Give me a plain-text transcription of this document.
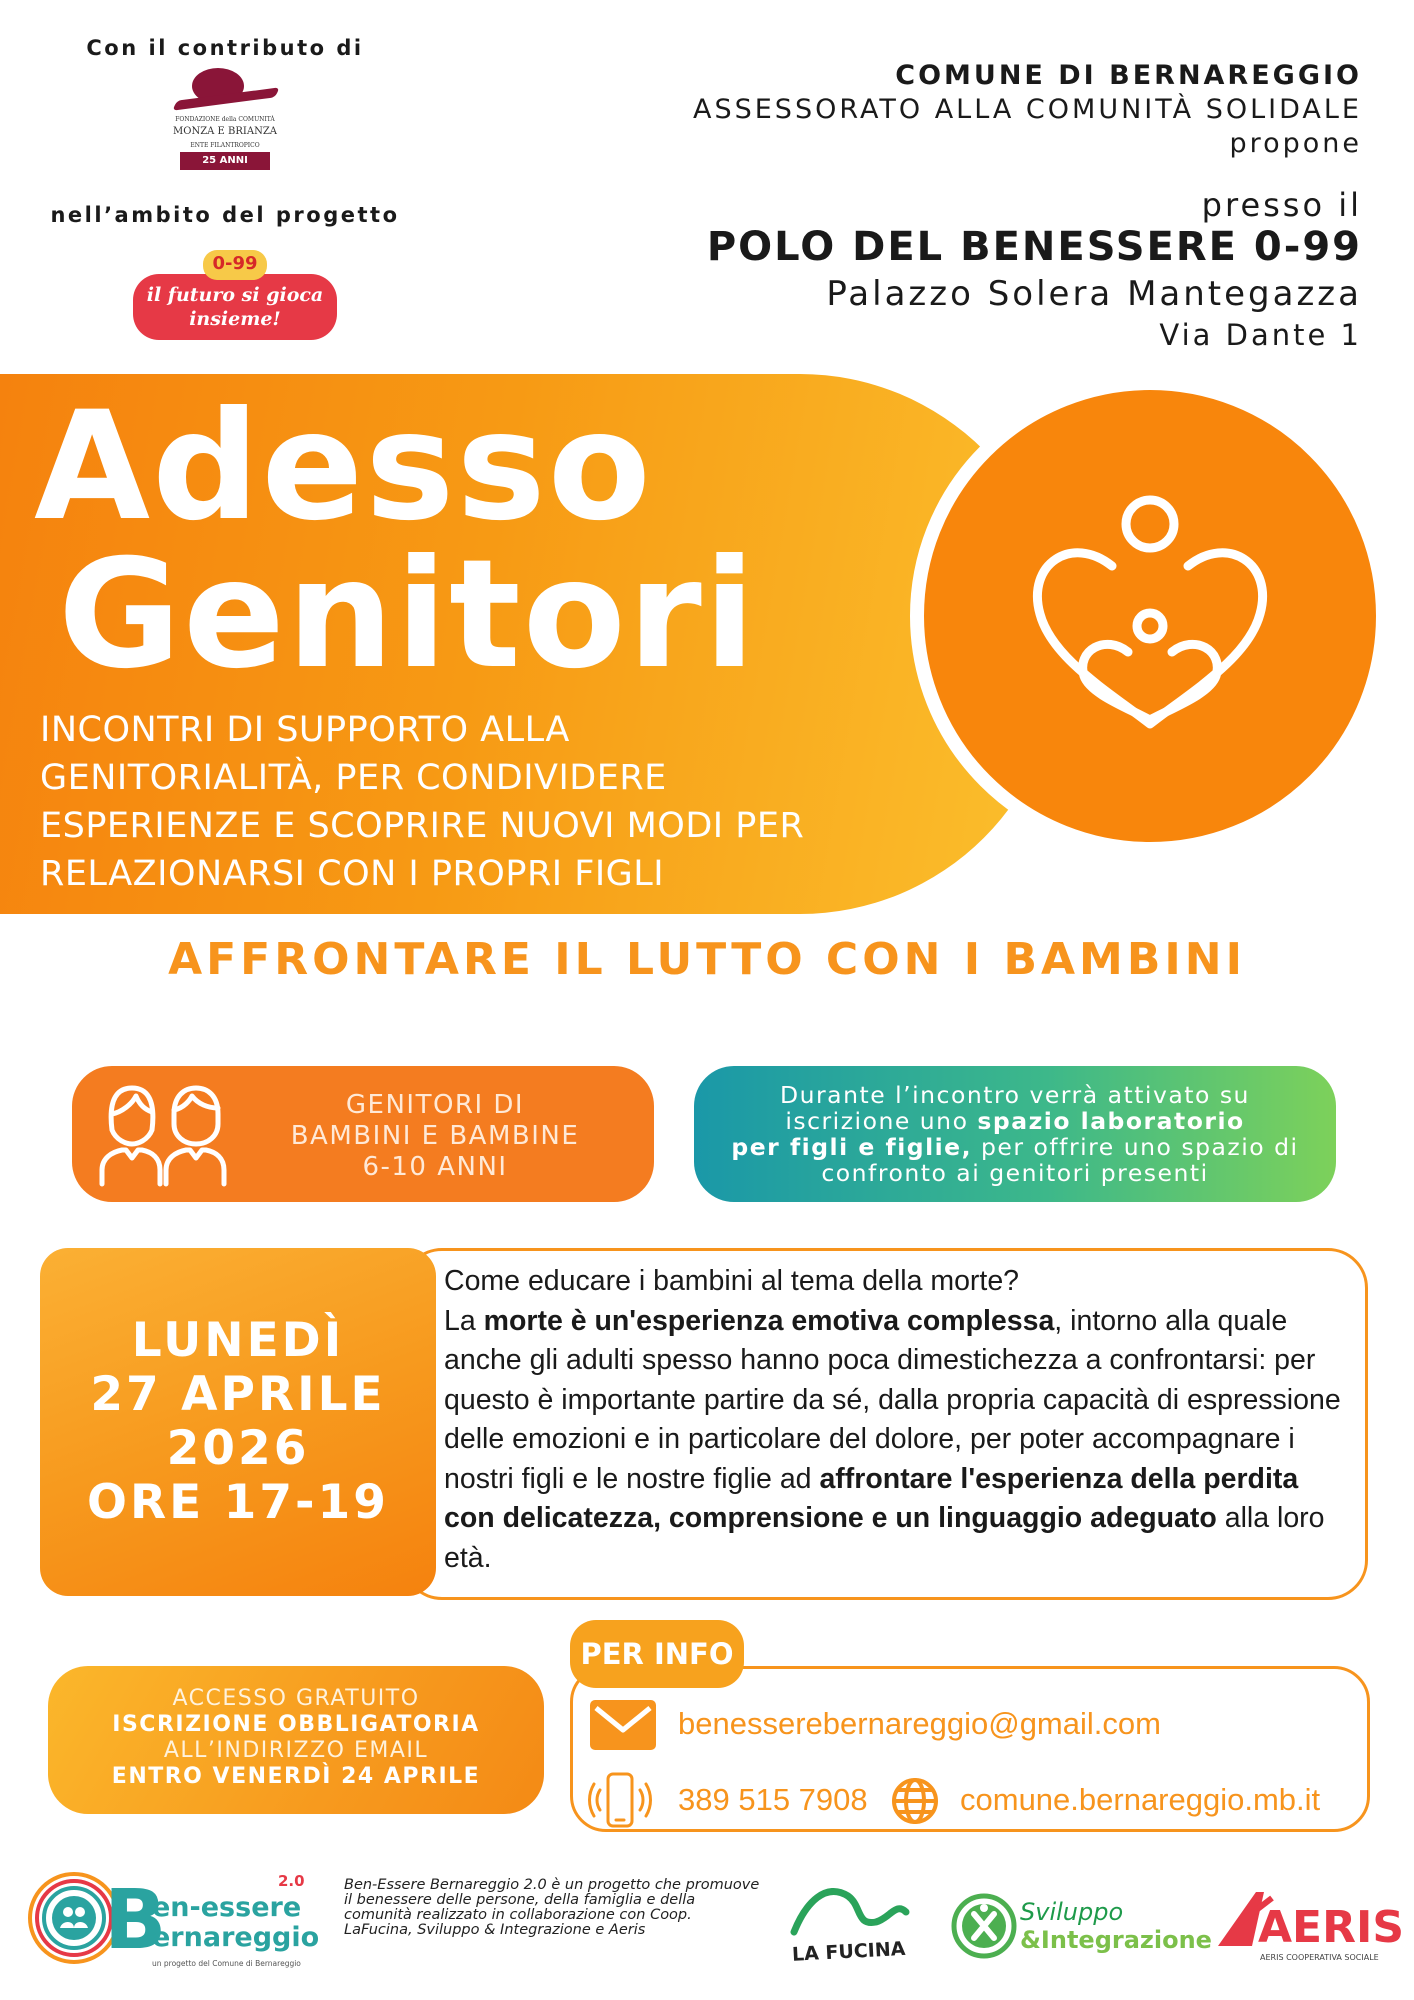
Con il contributo di
FONDAZIONE della COMUNITÀ
MONZA E BRIANZA
ENTE FILANTROPICO
25 ANNI
nell’ambito del progetto
il futuro si gioca
insieme!
0-99
COMUNE DI BERNAREGGIO
ASSESSORATO ALLA COMUNITÀ SOLIDALE
propone
presso il
POLO DEL BENESSERE 0-99
Palazzo Solera Mantegazza
Via Dante 1
Adesso
Genitori
INCONTRI DI SUPPORTO ALLA
GENITORIALITÀ, PER CONDIVIDERE
ESPERIENZE E SCOPRIRE NUOVI MODI PER
RELAZIONARSI CON I PROPRI FIGLI
AFFRONTARE IL LUTTO CON I BAMBINI
GENITORI DI
BAMBINI E BAMBINE
6-10 ANNI
Durante l’incontro verrà attivato su
iscrizione uno spazio laboratorio
per figli e figlie, per offrire uno spazio di
confronto ai genitori presenti
LUNEDÌ
27 APRILE
2026
ORE 17-19
Come educare i bambini al tema della morte?
La morte è un'esperienza emotiva complessa, intorno alla quale anche gli adulti spesso hanno poca dimestichezza a confrontarsi: per questo è importante partire da sé, dalla propria capacità di espressione delle emozioni e in particolare del dolore, per poter accompagnare i nostri figli e le nostre figlie ad affrontare l'esperienza della perdita con delicatezza, comprensione e un linguaggio adeguato alla loro età.
ACCESSO GRATUITO
ISCRIZIONE OBBLIGATORIA
ALL’INDIRIZZO EMAIL
ENTRO VENERDÌ 24 APRILE
PER INFO
benesserebernareggio@gmail.com
389 515 7908	comune.bernareggio.mb.it
B
en-essere
ernareggio
2.0
un progetto del Comune di Bernareggio
Ben-Essere Bernareggio 2.0 è un progetto che promuove il benessere delle persone, della famiglia e della comunità realizzato in collaborazione con Coop. LaFucina, Sviluppo & Integrazione e Aeris
LA FUCINA
Sviluppo
&Integrazione AERIS
AERIS COOPERATIVA SOCIALE
